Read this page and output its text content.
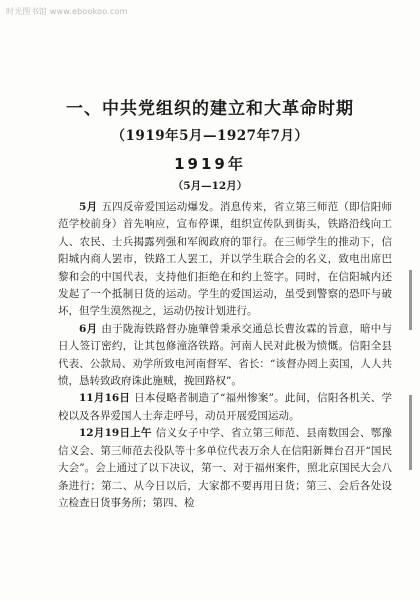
时光图书馆 www.ebookoo.com
一、中共党组织的建立和大革命时期
（1919年5月—1927年7月）
1919年
（5月—12月）

5月 五四反帝爱国运动爆发。消息传来，省立第三师范（即信阳师范学校前身）首先响应，宣布停课，组织宣传队到街头，铁路沿线向工人、农民、士兵揭露列强和军阀政府的罪行。在三师学生的推动下，信阳城内商人罢市，铁路工人罢工，并以学生联合会的名义，致电出席巴黎和会的中国代表，支持他们拒绝在和约上签字。同时，在信阳城内还发起了一个抵制日货的运动。学生的爱国运动，虽受到警察的恐吓与破坏，但学生漠然视之，运动仍按计划进行。

6月 由于陇海铁路督办施肇曾秉承交通总长曹汝霖的旨意，暗中与日人签订密约，让其包修潼洛铁路。河南人民对此极为愤慨。信阳全县代表、公款局、劝学所致电河南督军、省长：“该督办罔上卖国，人人共愤，恳转致政府诛此施贼，挽回路权”。

11月16日 日本侵略者制造了“福州惨案”。此间，信阳各机关、学校以及各界爱国人士奔走呼号，动员开展爱国运动。

12月19日上午 信义女子中学、省立第三师范、县南数国会、鄂豫信义会、第三师范去役队等十多单位代表万余人在信阳新舞台召开“国民大会”。会上通过了以下决议，第一、对于福州案件，照北京国民大会八条进行；第二、从今日以后，大家都不要再用日货；第三、会后各处设立检查日货事务所；第四、检
